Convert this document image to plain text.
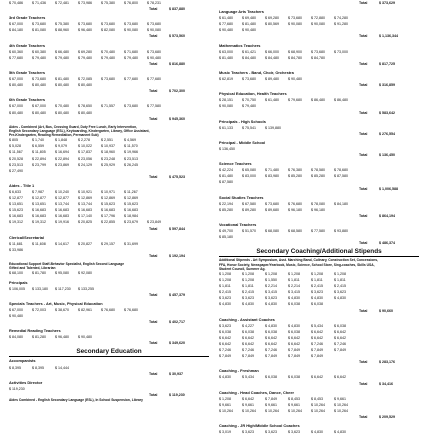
$ 70,486	$ 71,436	$ 72,481	$ 73,986	$ 75,380	$ 76,800	$ 78,231
Total	$ 837,880
3rd Grade Teachers
$ 67,000	$ 73,680	$ 75,380	$ 73,680	$ 73,680	$ 73,680	$ 73,680
$ 84,180	$ 81,080	$ 88,960	$ 96,480	$ 82,080	$ 90,080	$ 90,080
Total	$ 573,560
4th Grade Teachers
$ 60,360	$ 60,380	$ 66,480	$ 69,280	$ 70,480	$ 71,680	$ 73,680
$ 77,680	$ 79,480	$ 79,480	$ 79,480	$ 79,480	$ 79,480	$ 90,480
Total	$ 816,880
5th Grade Teachers
$ 67,000	$ 73,680	$ 81,480	$ 72,085	$ 73,680	$ 77,680	$ 77,680
$ 80,480	$ 80,480	$ 80,480	$ 80,480
Total	$ 702,300
6th Grade Teachers
$ 67,000	$ 67,000	$ 70,480	$ 78,650	$ 71,557	$ 73,680	$ 77,580
$ 80,480	$ 80,480	$ 80,480	$ 80,480
Total	$ 945,360
Aides - Combined (Art, Bus, Crossing Guard, Duty Free Lunch, Early Intervention,
English Secondary Language (ESL), Keyboarding, Kindergarten, Library, Office Assistant,
Pre-Kindergarten, Reading Remediation, Permanent Sub)
$ 805	$ 1,740	$ 1,848	$ 2,278	$ 2,551	$ 4,569
$ 5,028	$ 6,559	$ 9,079	$ 10,022	$ 10,937	$ 11,570
$ 11,567	$ 11,805	$ 16,694	$ 17,837	$ 18,960	$ 19,966
$ 20,528	$ 22,894	$ 22,894	$ 23,056	$ 23,248	$ 23,513
$ 23,513	$ 23,799	$ 23,869	$ 24,129	$ 25,929	$ 26,245
$ 27,490
Total	$ 475,523
Aides - Title 1
$ 6,633	$ 7,987	$ 10,240	$ 10,921	$ 10,971	$ 11,267
$ 12,877	$ 12,877	$ 12,877	$ 12,869	$ 12,869	$ 12,869
$ 13,651	$ 13,651	$ 13,744	$ 13,744	$ 15,623	$ 15,623
$ 15,623	$ 16,683	$ 16,683	$ 16,683	$ 16,683	$ 16,683
$ 16,683	$ 16,683	$ 16,683	$ 17,140	$ 17,796	$ 18,984
$ 19,312	$ 19,312	$ 19,916	$ 20,825	$ 22,855	$ 23,679	$ 23,849
Total	$ 597,844
Clerical/Secretarial
$ 11,681	$ 11,608	$ 14,617	$ 20,827	$ 29,157	$ 31,699
$ 33,986
Total	$ 192,194
Educational Support Staff-Behavior Specialist, English Second Language
Gifted and Talented, Librarian
$ 68,100	$ 81,780	$ 95,080	$ 92,080
Principals
$ 106,005 $ 133,180 $ 117,230 $ 133,255
Total	$ 457,379
Specials Teachers - Art, Music, Physical Education
$ 67,000	$ 72,003	$ 38,670	$ 82,961	$ 76,680	$ 76,680
$ 90,480
Total	$ 402,717
Remedial Reading Teachers
$ 84,080	$ 81,280	$ 96,480	$ 90,480
Total	$ 349,620
Secondary Education
Accompanists
$ 8,395	$ 8,395	$ 14,444
Total	$ 30,937
Activities Director
$ 119,230
Total	$ 119,230
Aides Combined - English Secondary Language (ESL), In School Suspension, Library
Total	$ 373,629
Language Arts Teachers
$ 61,480	$ 69,480	$ 69,280	$ 73,680	$ 72,880	$ 74,280
$ 77,680	$ 81,480	$ 80,569	$ 90,080	$ 90,080	$ 91,280
$ 90,480	$ 90,480
Total	$ 1,136,344
Mathematics Teachers
$ 63,000	$ 61,421	$ 66,000	$ 68,900	$ 73,680	$ 73,000
$ 81,480	$ 84,480	$ 84,480	$ 84,780	$ 84,780
Total	$ 817,725
Music Teachers - Band, Choir, Orchestra
$ 62,819	$ 73,680	$ 89,480	$ 90,480
Total	$ 316,859
Physical Education, Health Teachers
$ 28,151	$ 70,750	$ 61,480	$ 79,680	$ 86,480	$ 86,480
$ 90,080	$ 79,480
Total	$ 583,642
Principals - High Schools
$ 61,133	$ 75,541	$ 139,880
Total	$ 276,554
Principal - Middle School
$ 136,450
Total	$ 136,450
Science Teachers
$ 42,224	$ 65,080	$ 71,480	$ 76,380	$ 78,580	$ 78,680
$ 81,480	$ 83,000	$ 83,980	$ 85,280	$ 85,280	$ 87,580
$ 87,580
Total	$ 1,006,588
Social Studies Teachers
$ 22,194	$ 67,580	$ 73,680	$ 76,680	$ 78,080	$ 84,180
$ 85,280	$ 89,280	$ 89,680	$ 96,180	$ 96,180
Total	$ 864,194
Vocational Teachers
$ 49,700	$ 51,570	$ 68,080	$ 68,580	$ 77,580	$ 93,880
$ 85,180
Total	$ 486,374
Secondary Coaching/Additional Stipends
Additional Stipends - Art Symposium, Asst. Marching Band, Culinary, Construction Set, Concessions,
FFA, Honor Society, Newspaper/Yearbook, Music, Science, School Store, Sing-coaches, Skills USA,
Student Council, Summer Ag.
$ 1,208	$ 1,208	$ 1,208	$ 1,208	$ 1,208	$ 1,208
$ 1,208	$ 1,208	$ 1,550	$ 1,811	$ 1,811	$ 1,811
$ 1,811	$ 1,811	$ 2,214	$ 2,214	$ 2,415	$ 2,415
$ 2,415	$ 2,415	$ 3,415	$ 3,415	$ 3,623	$ 3,623
$ 3,623	$ 3,623	$ 3,623	$ 4,830	$ 4,830	$ 4,830
$ 4,830	$ 4,830	$ 4,830	$ 6,038	$ 6,038
Total	$ 90,660
Coaching - Assistant Coaches
$ 3,623	$ 4,227	$ 4,830	$ 4,830	$ 5,434	$ 6,038
$ 6,038	$ 6,038	$ 6,038	$ 6,038	$ 6,642	$ 6,642
$ 6,642	$ 6,642	$ 6,642	$ 6,642	$ 6,642	$ 6,642
$ 6,642	$ 6,642	$ 6,642	$ 6,642	$ 7,246	$ 7,246
$ 7,246	$ 7,246	$ 7,246	$ 7,849	$ 7,849	$ 7,849
$ 7,849	$ 7,849	$ 7,849	$ 7,849	$ 7,849
Total	$ 283,176
Coaching - Freshman
$ 4,830	$ 5,434	$ 6,038	$ 6,038	$ 6,642	$ 6,642
Total	$ 34,416
Coaching - Head Coaches, Dance, Cheer
$ 1,208	$ 6,642	$ 7,849	$ 8,453	$ 8,453	$ 9,661
$ 9,661	$ 9,661	$ 9,661	$ 9,661	$ 10,264	$ 10,264
$ 10,264	$ 10,264	$ 10,264	$ 10,264	$ 10,264	$ 10,264
Total	$ 209,529
Coaching - JR High/Middle School Coaches
$ 3,019	$ 3,623	$ 3,623	$ 3,623	$ 4,830	$ 4,830
